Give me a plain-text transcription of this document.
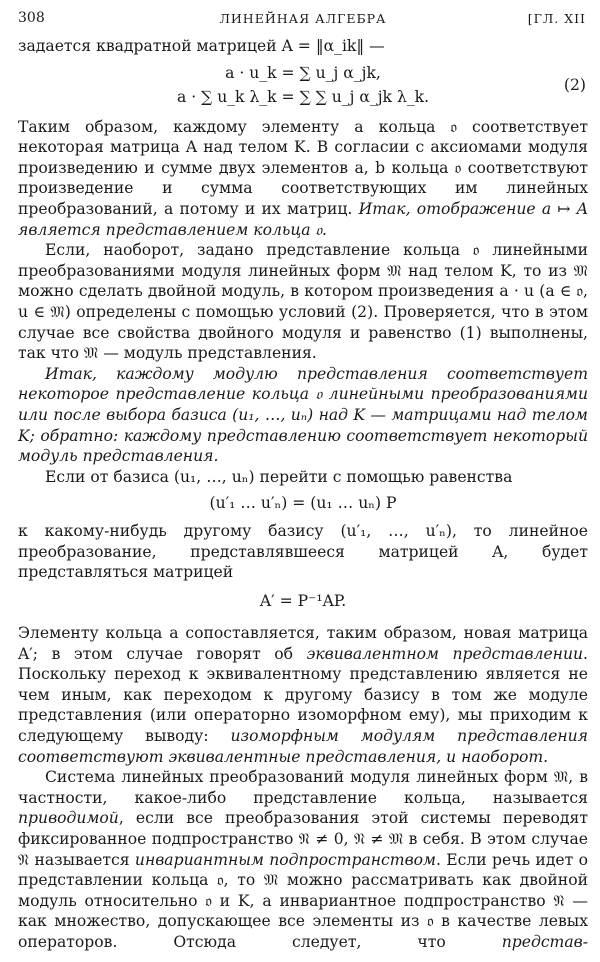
308	ЛИНЕЙНАЯ АЛГЕБРА	[ГЛ. XII

задается квадратной матрицей A = ‖α_ik‖ —

a · u_k = ∑ u_j α_jk,
a · ∑ u_k λ_k = ∑ ∑ u_j α_jk λ_k.
(2)

Таким образом, каждому элементу a кольца 𝔬 соответствует некоторая матрица A над телом K. В согласии с аксиомами модуля произведению и сумме двух элементов a, b кольца 𝔬 соответствуют произведение и сумма соответствующих им линейных преобразований, а потому и их матриц. Итак, отображение a ↦ A является представлением кольца 𝔬.

Если, наоборот, задано представление кольца 𝔬 линейными преобразованиями модуля линейных форм 𝔐 над телом K, то из 𝔐 можно сделать двойной модуль, в котором произведения a · u (a ∈ 𝔬, u ∈ 𝔐) определены с помощью условий (2). Проверяется, что в этом случае все свойства двойного модуля и равенство (1) выполнены, так что 𝔐 — модуль представления.

Итак, каждому модулю представления соответствует некоторое представление кольца 𝔬 линейными преобразованиями или после выбора базиса (u₁, …, uₙ) над K — матрицами над телом K; обратно: каждому представлению соответствует некоторый модуль представления.

Если от базиса (u₁, …, uₙ) перейти с помощью равенства

(u′₁ … u′ₙ) = (u₁ … uₙ) P

к какому-нибудь другому базису (u′₁, …, u′ₙ), то линейное преобразование, представлявшееся матрицей A, будет представляться матрицей

A′ = P⁻¹AP.

Элементу кольца a сопоставляется, таким образом, новая матрица A′; в этом случае говорят об эквивалентном представлении. Поскольку переход к эквивалентному представлению является не чем иным, как переходом к другому базису в том же модуле представления (или операторно изоморфном ему), мы приходим к следующему выводу: изоморфным модулям представления соответствуют эквивалентные представления, и наоборот.

Система линейных преобразований модуля линейных форм 𝔐, в частности, какое-либо представление кольца, называется приводимой, если все преобразования этой системы переводят фиксированное подпространство 𝔑 ≠ 0, 𝔑 ≠ 𝔐 в себя. В этом случае 𝔑 называется инвариантным подпространством. Если речь идет о представлении кольца 𝔬, то 𝔐 можно рассматривать как двойной модуль относительно 𝔬 и K, а инвариантное подпространство 𝔑 — как множество, допускающее все элементы из 𝔬 в качестве левых операторов. Отсюда следует, что представ-
